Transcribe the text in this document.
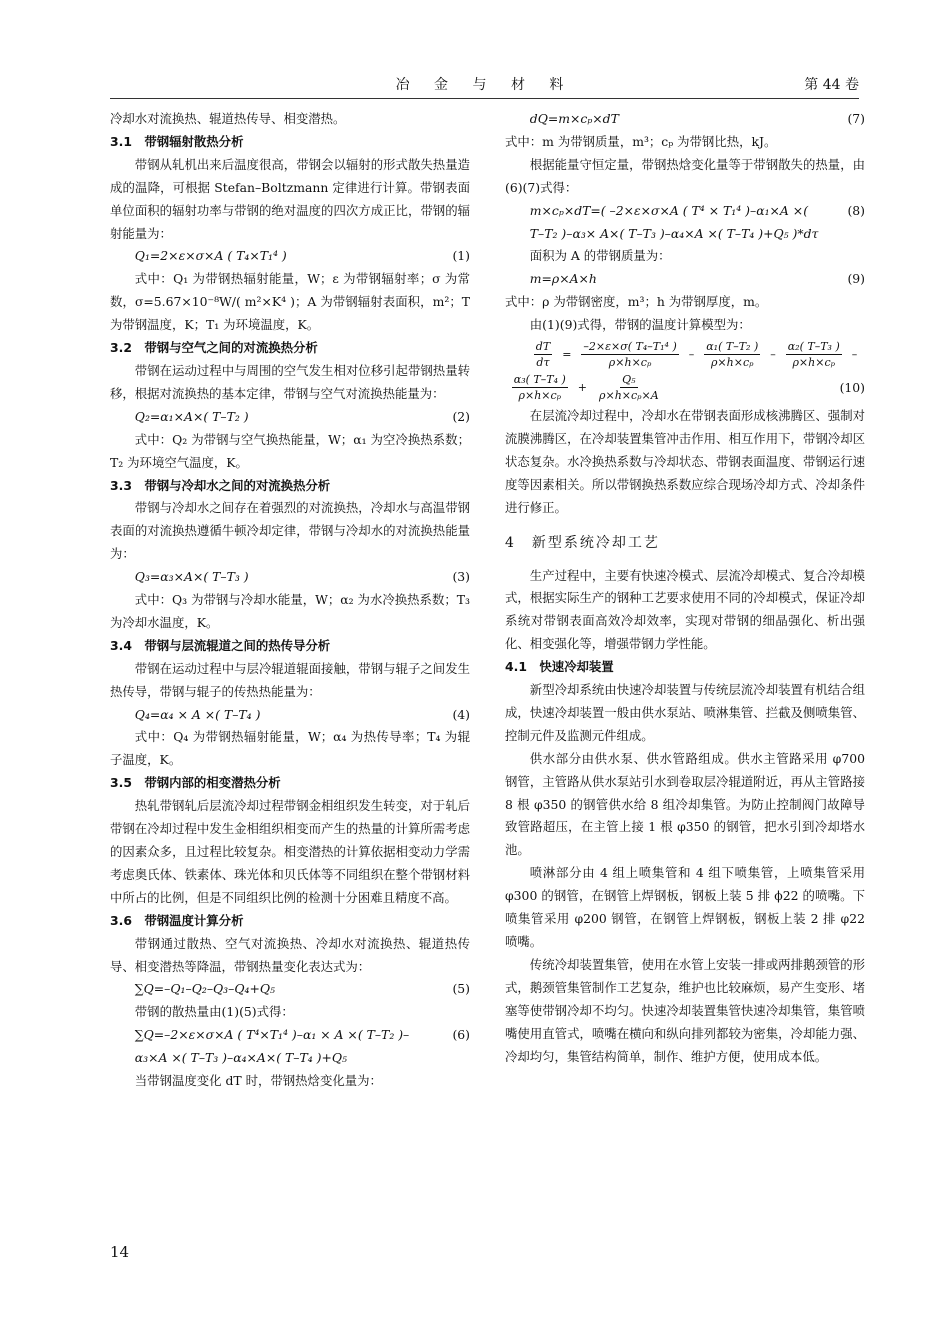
冶 金 与 材 料	第 44 卷

冷却水对流换热、辊道热传导、相变潜热。

3.1　带钢辐射散热分析

带钢从轧机出来后温度很高，带钢会以辐射的形式散失热量造成的温降，可根据 Stefan–Boltzmann 定律进行计算。带钢表面单位面积的辐射功率与带钢的绝对温度的四次方成正比，带钢的辐射能量为：

Q₁=2×ε×σ×A ( T₄×T₁⁴ )	(1)

式中：Q₁ 为带钢热辐射能量，W；ε 为带钢辐射率；σ 为常数，σ=5.67×10⁻⁸W/( m²×K⁴ )；A 为带钢辐射表面积，m²；T 为带钢温度，K；T₁ 为环境温度，K。

3.2　带钢与空气之间的对流换热分析

带钢在运动过程中与周围的空气发生相对位移引起带钢热量转移，根据对流换热的基本定律，带钢与空气对流换热能量为：

Q₂=α₁×A×( T–T₂ )	(2)

式中：Q₂ 为带钢与空气换热能量，W；α₁ 为空冷换热系数；T₂ 为环境空气温度，K。

3.3　带钢与冷却水之间的对流换热分析

带钢与冷却水之间存在着强烈的对流换热，冷却水与高温带钢表面的对流换热遵循牛顿冷却定律，带钢与冷却水的对流换热能量为：

Q₃=α₃×A×( T–T₃ )	(3)

式中：Q₃ 为带钢与冷却水能量，W；α₂ 为水冷换热系数；T₃ 为冷却水温度，K。

3.4　带钢与层流辊道之间的热传导分析

带钢在运动过程中与层冷辊道辊面接触，带钢与辊子之间发生热传导，带钢与辊子的传热热能量为：

Q₄=α₄ × A ×( T–T₄ )	(4)

式中：Q₄ 为带钢热辐射能量，W；α₄ 为热传导率；T₄ 为辊子温度，K。

3.5　带钢内部的相变潜热分析

热轧带钢轧后层流冷却过程带钢金相组织发生转变，对于轧后带钢在冷却过程中发生金相组织相变而产生的热量的计算所需考虑的因素众多，且过程比较复杂。相变潜热的计算依据相变动力学需考虑奥氏体、铁素体、珠光体和贝氏体等不同组织在整个带钢材料中所占的比例，但是不同组织比例的检测十分困难且精度不高。

3.6　带钢温度计算分析

带钢通过散热、空气对流换热、冷却水对流换热、辊道热传导、相变潜热等降温，带钢热量变化表达式为：

∑Q=–Q₁–Q₂–Q₃–Q₄+Q₅	(5)

带钢的散热量由(1)(5)式得：

∑Q=–2×ε×σ×A ( T⁴×T₁⁴ )–α₁ × A ×( T–T₂ )–α₃×A ×( T–T₃ )–α₄×A×( T–T₄ )+Q₅
(6)

当带钢温度变化 dT 时，带钢热焓变化量为：

dQ=m×cₚ×dT	(7)

式中：m 为带钢质量，m³；cₚ 为带钢比热，kJ。

根据能量守恒定量，带钢热焓变化量等于带钢散失的热量，由(6)(7)式得：

m×cₚ×dT=( –2×ε×σ×A ( T⁴ × T₁⁴ )–α₁×A ×( T–T₂ )–α₃× A×( T–T₃ )–α₄×A ×( T–T₄ )+Q₅ )*dτ
(8)

面积为 A 的带钢质量为：

m=ρ×A×h	(9)

式中：ρ 为带钢密度，m³；h 为带钢厚度，m。

由(1)(9)式得，带钢的温度计算模型为：

$\frac{dT}{d\tau} = \frac{\text{–2×ε×σ( T₄–T₁⁴ )}}{\text{ρ×h×cₚ}} - \frac{\text{α₁( T–T₂ )}}{\text{ρ×h×cₚ}} - \frac{\text{α₂( T–T₃ )}}{\text{ρ×h×cₚ}}$ –
$\frac{\text{α₃( T–T₄ )}}{\text{ρ×h×cₚ}} + \frac{\text{Q₅}}{\text{ρ×h×cₚ×A}}$	(10)

在层流冷却过程中，冷却水在带钢表面形成核沸腾区、强制对流膜沸腾区，在冷却装置集管冲击作用、相互作用下，带钢冷却区状态复杂。水冷换热系数与冷却状态、带钢表面温度、带钢运行速度等因素相关。所以带钢换热系数应综合现场冷却方式、冷却条件进行修正。

4　新型系统冷却工艺

生产过程中，主要有快速冷模式、层流冷却模式、复合冷却模式，根据实际生产的钢种工艺要求使用不同的冷却模式，保证冷却系统对带钢表面高效冷却效率，实现对带钢的细晶强化、析出强化、相变强化等，增强带钢力学性能。

4.1　快速冷却装置

新型冷却系统由快速冷却装置与传统层流冷却装置有机结合组成，快速冷却装置一般由供水泵站、喷淋集管、拦截及侧喷集管、控制元件及监测元件组成。

供水部分由供水泵、供水管路组成。供水主管路采用 φ700 钢管，主管路从供水泵站引水到卷取层冷辊道附近，再从主管路接 8 根 φ350 的钢管供水给 8 组冷却集管。为防止控制阀门故障导致管路超压，在主管上接 1 根 φ350 的钢管，把水引到冷却塔水池。

喷淋部分由 4 组上喷集管和 4 组下喷集管，上喷集管采用 φ300 的钢管，在钢管上焊钢板，钢板上装 5 排 ϕ22 的喷嘴。下喷集管采用 φ200 钢管，在钢管上焊钢板，钢板上装 2 排 φ22 喷嘴。

传统冷却装置集管，使用在水管上安装一排或两排鹅颈管的形式，鹅颈管集管制作工艺复杂，维护也比较麻烦，易产生变形、堵塞等使带钢冷却不均匀。快速冷却装置集管快速冷却集管，集管喷嘴使用直管式，喷嘴在横向和纵向排列都较为密集，冷却能力强、冷却均匀，集管结构简单，制作、维护方便，使用成本低。

14
